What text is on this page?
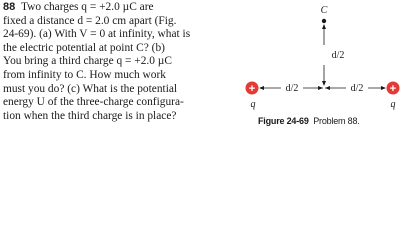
88 Two charges q = +2.0 µC are
fixed a distance d = 2.0 cm apart (Fig.
24-69). (a) With V = 0 at infinity, what is
the electric potential at point C? (b)
You bring a third charge q = +2.0 µC
from infinity to C. How much work
must you do? (c) What is the potential
energy U of the three-charge configura-
tion when the third charge is in place?
C
d/2
d/2	d/2
+
q
+
q
Figure 24-69 Problem 88.
